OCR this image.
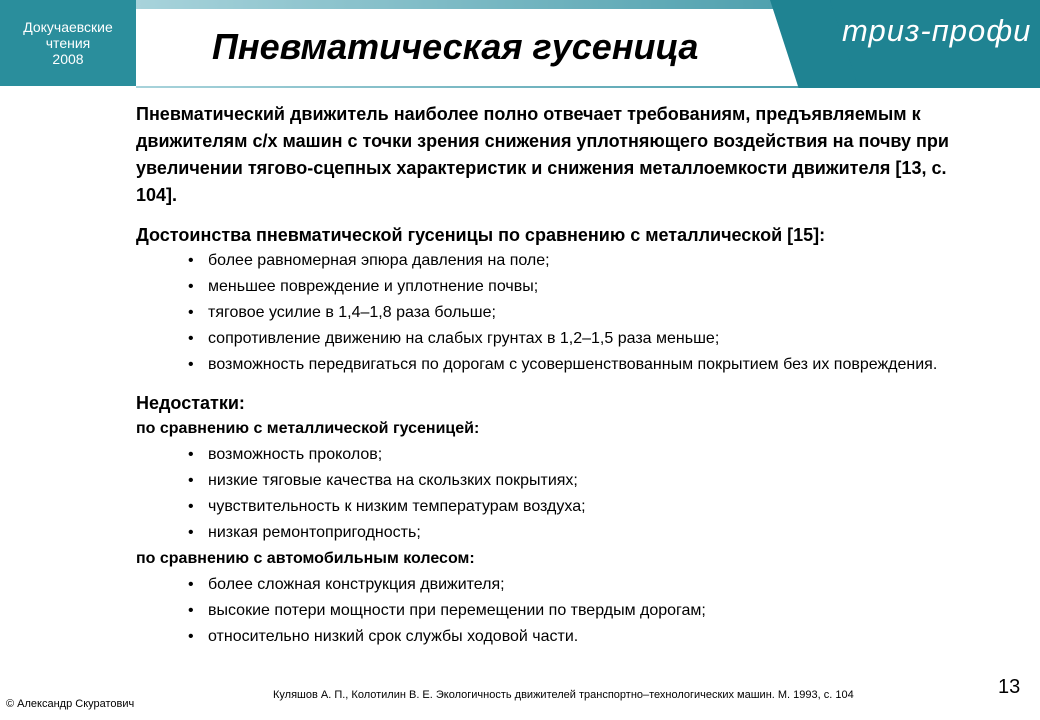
Докучаевские
чтения
2008
триз-профи
Пневматическая гусеница

Пневматический движитель наиболее полно отвечает требованиям, предъявляемым к движителям с/х машин с точки зрения снижения уплотняющего воздействия на почву при увеличении тягово-сцепных характеристик и снижения металлоемкости движителя [13, с. 104].

Достоинства пневматической гусеницы по сравнению с металлической [15]:
• более равномерная эпюра давления на поле;
• меньшее повреждение и уплотнение почвы;
• тяговое усилие в 1,4–1,8 раза больше;
• сопротивление движению на слабых грунтах в 1,2–1,5 раза меньше;
• возможность передвигаться по дорогам с усовершенствованным покрытием без их повреждения.
Недостатки:
по сравнению с металлической гусеницей:
• возможность проколов;
• низкие тяговые качества на скользких покрытиях;
• чувствительность к низким температурам воздуха;
• низкая ремонтопригодность;
по сравнению с автомобильным колесом:
• более сложная конструкция движителя;
• высокие потери мощности при перемещении по твердым дорогам;
• относительно низкий срок службы ходовой части.
13
Куляшов А. П., Колотилин В. Е. Экологичность движителей транспортно–технологических машин. М. 1993, с. 104
© Александр Скуратович
